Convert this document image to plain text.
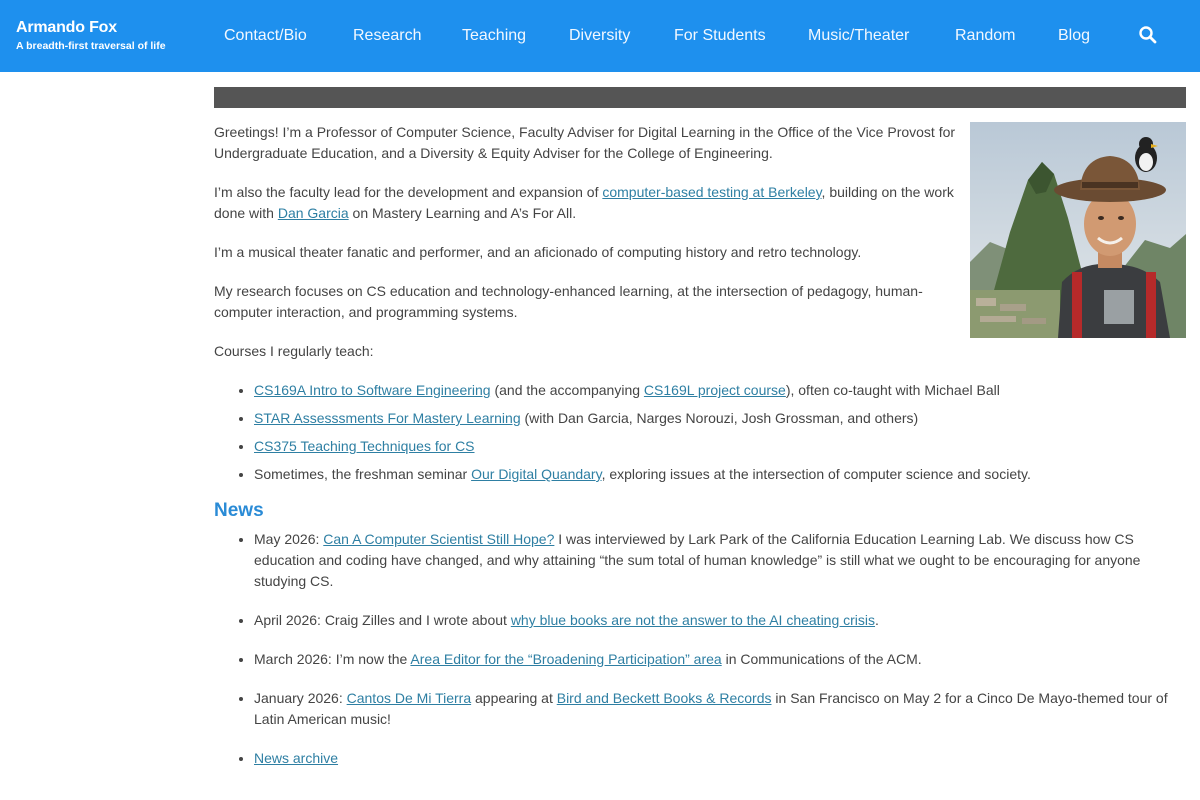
Armando Fox
A breadth-first traversal of life
Contact/Bio	Research	Teaching	Diversity	For Students	Music/Theater	Random	Blog

Greetings! I’m a Professor of Computer Science, Faculty Adviser for Digital Learning in the Office of the Vice Provost for Undergraduate Education, and a Diversity & Equity Adviser for the College of Engineering.

I’m also the faculty lead for the development and expansion of computer-based testing at Berkeley, building on the work done with Dan Garcia on Mastery Learning and A’s For All.

I’m a musical theater fanatic and performer, and an aficionado of computing history and retro technology.

My research focuses on CS education and technology-enhanced learning, at the intersection of pedagogy, human-computer interaction, and programming systems.

Courses I regularly teach:

• CS169A Intro to Software Engineering (and the accompanying CS169L project course), often co-taught with Michael Ball
• STAR Assesssments For Mastery Learning (with Dan Garcia, Narges Norouzi, Josh Grossman, and others)
• CS375 Teaching Techniques for CS
• Sometimes, the freshman seminar Our Digital Quandary, exploring issues at the intersection of computer science and society.
News
• May 2026: Can A Computer Scientist Still Hope? I was interviewed by Lark Park of the California Education Learning Lab. We discuss how CS education and coding have changed, and why attaining “the sum total of human knowledge” is still what we ought to be encouraging for anyone studying CS.
• April 2026: Craig Zilles and I wrote about why blue books are not the answer to the AI cheating crisis.
• March 2026: I’m now the Area Editor for the “Broadening Participation” area in Communications of the ACM.
• January 2026: Cantos De Mi Tierra appearing at Bird and Beckett Books & Records in San Francisco on May 2 for a Cinco De Mayo-themed tour of Latin American music!
• News archive
